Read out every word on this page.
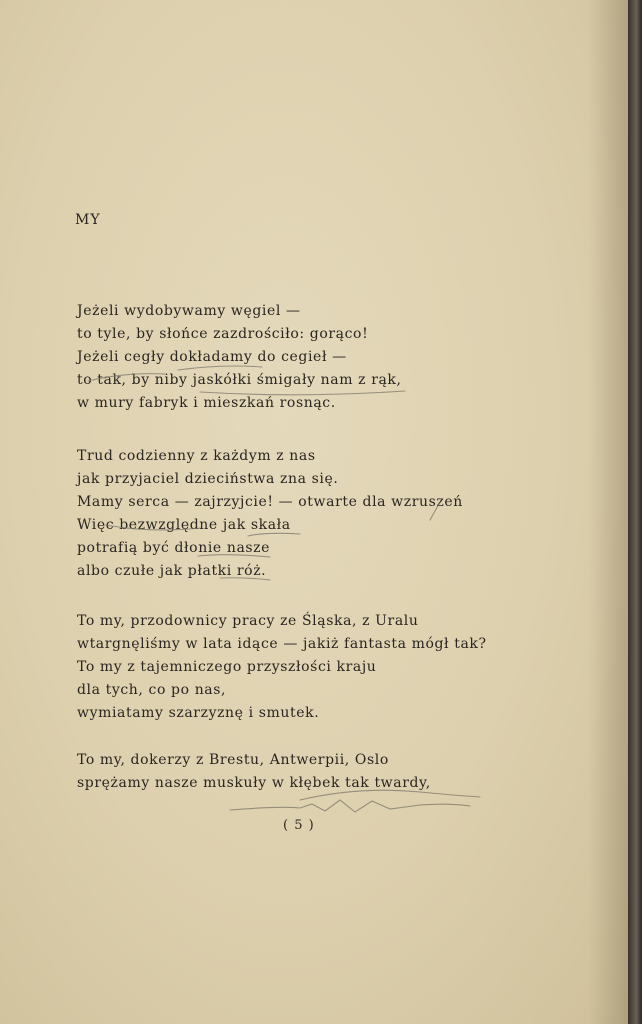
MY
Jeżeli wydobywamy węgiel —
to tyle, by słońce zazdrościło: gorąco!
Jeżeli cegły dokładamy do cegieł —
to tak, by niby jaskółki śmigały nam z rąk,
w mury fabryk i mieszkań rosnąc.
Trud codzienny z każdym z nas
jak przyjaciel dzieciństwa zna się.
Mamy serca — zajrzyjcie! — otwarte dla wzruszeń
Więc bezwzględne jak skała
potrafią być dłonie nasze
albo czułe jak płatki róż.
To my, przodownicy pracy ze Śląska, z Uralu
wtargnęliśmy w lata idące — jakiż fantasta mógł tak?
To my z tajemniczego przyszłości kraju
dla tych, co po nas,
wymiatamy szarzyznę i smutek.
To my, dokerzy z Brestu, Antwerpii, Oslo
sprężamy nasze muskuły w kłębek tak twardy,
( 5 )
